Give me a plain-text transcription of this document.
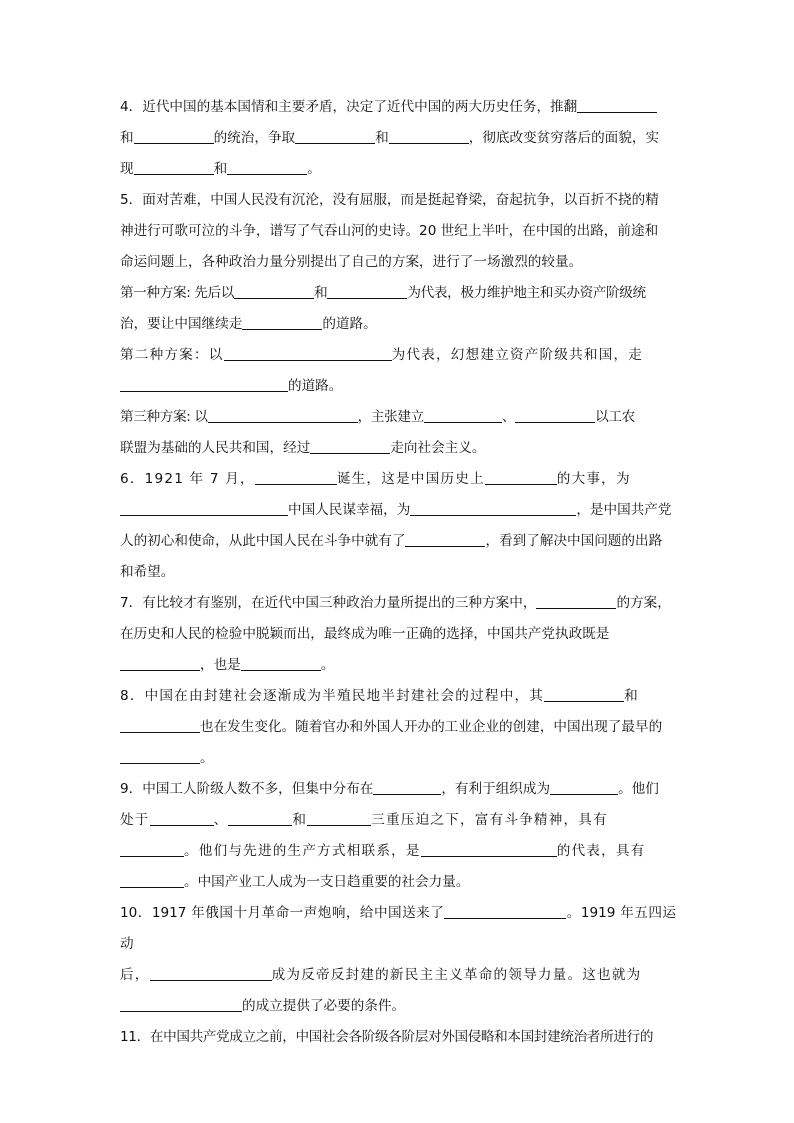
4．近代中国的基本国情和主要矛盾，决定了近代中国的两大历史任务，推翻

和	的统治，争取	和	，彻底改变贫穷落后的面貌，实

现	和	。

5．面对苦难，中国人民没有沉沦，没有屈服，而是挺起脊梁，奋起抗争，以百折不挠的精

神进行可歌可泣的斗争，谱写了气吞山河的史诗。20 世纪上半叶，在中国的出路，前途和

命运问题上，各种政治力量分别提出了自己的方案，进行了一场激烈的较量。

第一种方案: 先后以	和	为代表，极力维护地主和买办资产阶级统

治，要让中国继续走	的道路。

第二种方案：以	为代表，幻想建立资产阶级共和国，走

的道路。

第三种方案: 以	，主张建立	、	以工农

联盟为基础的人民共和国，经过	走向社会主义。

6．1921 年 7 月，	诞生，这是中国历史上	的大事，为

中国人民谋幸福，为	，是中国共产党

人的初心和使命，从此中国人民在斗争中就有了	，看到了解决中国问题的出路

和希望。

7．有比较才有鉴别，在近代中国三种政治力量所提出的三种方案中，	的方案，

在历史和人民的检验中脱颖而出，最终成为唯一正确的选择，中国共产党执政既是

，也是	。

8．中国在由封建社会逐渐成为半殖民地半封建社会的过程中，其	和

也在发生变化。随着官办和外国人开办的工业企业的创建，中国出现了最早的

。

9．中国工人阶级人数不多，但集中分布在	，有利于组织成为	。他们

处于	、	和	三重压迫之下，富有斗争精神，具有

。他们与先进的生产方式相联系，是	的代表，具有

。中国产业工人成为一支日趋重要的社会力量。

10．1917 年俄国十月革命一声炮响，给中国送来了	。1919 年五四运动

后，	成为反帝反封建的新民主主义革命的领导力量。这也就为

的成立提供了必要的条件。

11．在中国共产党成立之前，中国社会各阶级各阶层对外国侵略和本国封建统治者所进行的
